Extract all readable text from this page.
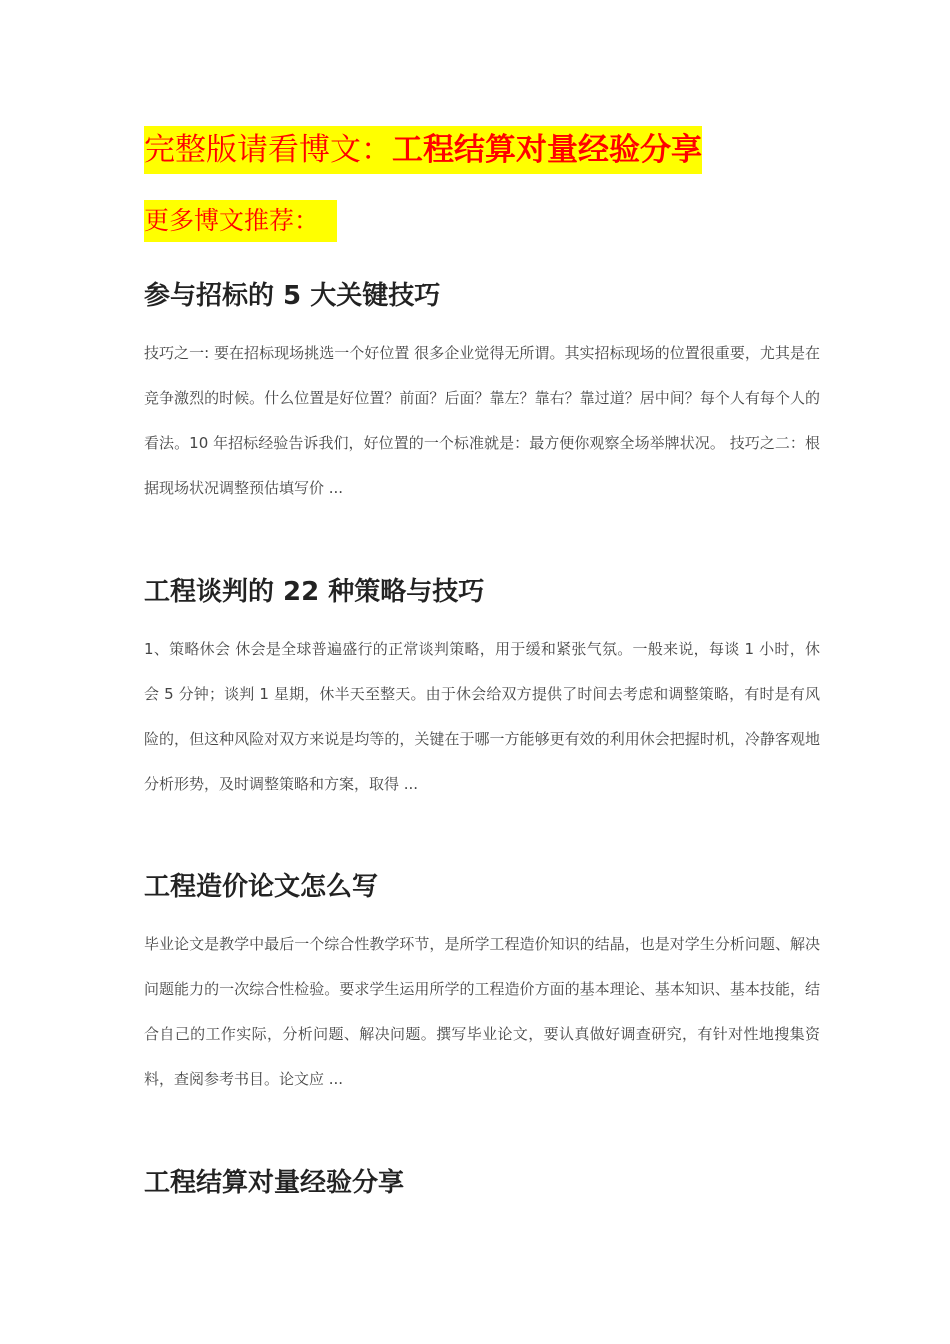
完整版请看博文： 工程结算对量经验分享
更多博文推荐：
参与招标的 5 大关键技巧
技巧之一: 要在招标现场挑选一个好位置 很多企业觉得无所谓。其实招标现场的位置很重要，尤其是在竞争激烈的时候。什么位置是好位置？前面？后面？靠左？靠右？靠过道？居中间？每个人有每个人的看法。10 年招标经验告诉我们，好位置的一个标准就是：最方便你观察全场举牌状况。 技巧之二：根据现场状况调整预估填写价 ...
工程谈判的 22 种策略与技巧
1、策略休会 休会是全球普遍盛行的正常谈判策略，用于缓和紧张气氛。一般来说，每谈 1 小时，休会 5 分钟；谈判 1 星期，休半天至整天。由于休会给双方提供了时间去考虑和调整策略，有时是有风险的，但这种风险对双方来说是均等的，关键在于哪一方能够更有效的利用休会把握时机，冷静客观地分析形势，及时调整策略和方案，取得 ...
工程造价论文怎么写
毕业论文是教学中最后一个综合性教学环节，是所学工程造价知识的结晶，也是对学生分析问题、解决问题能力的一次综合性检验。要求学生运用所学的工程造价方面的基本理论、基本知识、基本技能，结合自己的工作实际，分析问题、解决问题。撰写毕业论文，要认真做好调查研究，有针对性地搜集资料，查阅参考书目。论文应 ...
工程结算对量经验分享
